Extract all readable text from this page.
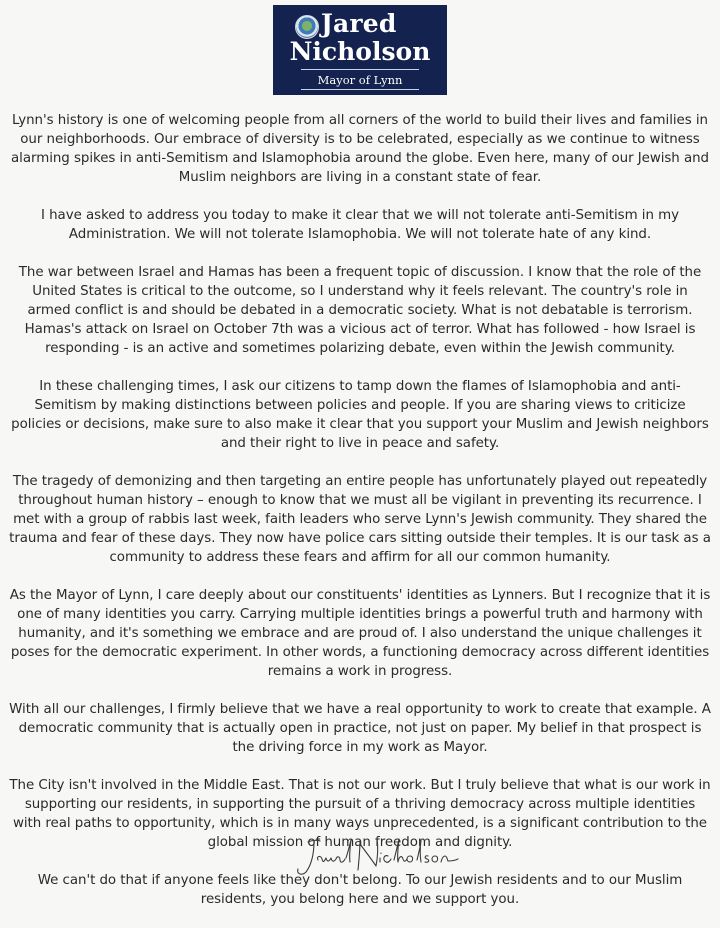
Jared
Nicholson
Mayor of Lynn

Lynn's history is one of welcoming people from all corners of the world to build their lives and families in our neighborhoods. Our embrace of diversity is to be celebrated, especially as we continue to witness alarming spikes in anti-Semitism and Islamophobia around the globe. Even here, many of our Jewish and Muslim neighbors are living in a constant state of fear.

I have asked to address you today to make it clear that we will not tolerate anti-Semitism in my Administration. We will not tolerate Islamophobia. We will not tolerate hate of any kind.

The war between Israel and Hamas has been a frequent topic of discussion. I know that the role of the United States is critical to the outcome, so I understand why it feels relevant. The country's role in armed conflict is and should be debated in a democratic society. What is not debatable is terrorism. Hamas's attack on Israel on October 7th was a vicious act of terror. What has followed - how Israel is responding - is an active and sometimes polarizing debate, even within the Jewish community.

In these challenging times, I ask our citizens to tamp down the flames of Islamophobia and anti-Semitism by making distinctions between policies and people. If you are sharing views to criticize policies or decisions, make sure to also make it clear that you support your Muslim and Jewish neighbors and their right to live in peace and safety.

The tragedy of demonizing and then targeting an entire people has unfortunately played out repeatedly throughout human history – enough to know that we must all be vigilant in preventing its recurrence. I met with a group of rabbis last week, faith leaders who serve Lynn's Jewish community. They shared the trauma and fear of these days. They now have police cars sitting outside their temples. It is our task as a community to address these fears and affirm for all our common humanity.

As the Mayor of Lynn, I care deeply about our constituents' identities as Lynners. But I recognize that it is one of many identities you carry. Carrying multiple identities brings a powerful truth and harmony with humanity, and it's something we embrace and are proud of. I also understand the unique challenges it poses for the democratic experiment. In other words, a functioning democracy across different identities remains a work in progress.

With all our challenges, I firmly believe that we have a real opportunity to work to create that example. A democratic community that is actually open in practice, not just on paper. My belief in that prospect is the driving force in my work as Mayor.

The City isn't involved in the Middle East. That is not our work. But I truly believe that what is our work in supporting our residents, in supporting the pursuit of a thriving democracy across multiple identities with real paths to opportunity, which is in many ways unprecedented, is a significant contribution to the global mission of human freedom and dignity.

We can't do that if anyone feels like they don't belong. To our Jewish residents and to our Muslim residents, you belong here and we support you.
